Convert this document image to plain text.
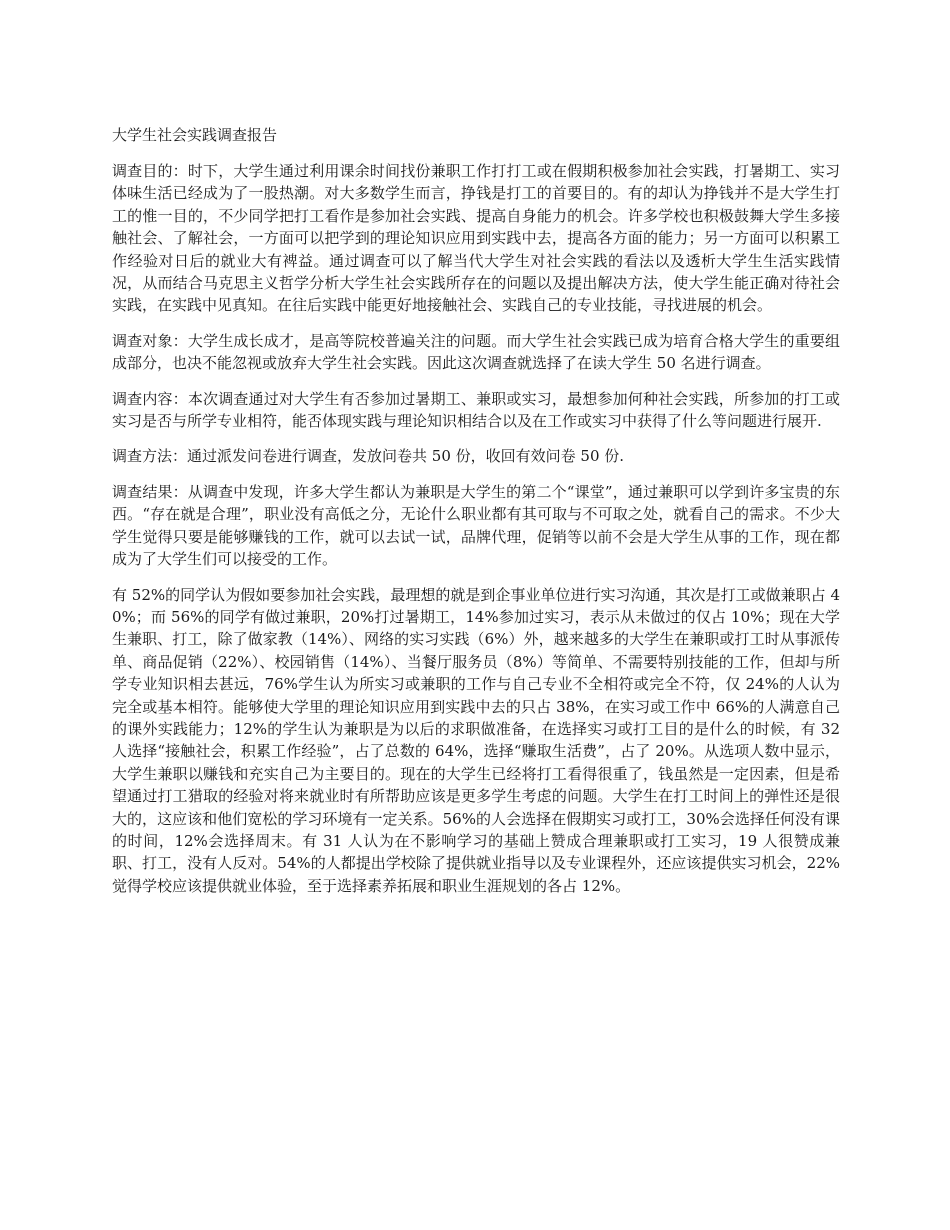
大学生社会实践调查报告

调查目的：时下，大学生通过利用课余时间找份兼职工作打打工或在假期积极参加社会实践，打暑期工、实习体味生活已经成为了一股热潮。对大多数学生而言，挣钱是打工的首要目的。有的却认为挣钱并不是大学生打工的惟一目的，不少同学把打工看作是参加社会实践、提高自身能力的机会。许多学校也积极鼓舞大学生多接触社会、了解社会，一方面可以把学到的理论知识应用到实践中去，提高各方面的能力；另一方面可以积累工作经验对日后的就业大有裨益。通过调查可以了解当代大学生对社会实践的看法以及透析大学生生活实践情况，从而结合马克思主义哲学分析大学生社会实践所存在的问题以及提出解决方法，使大学生能正确对待社会实践，在实践中见真知。在往后实践中能更好地接触社会、实践自己的专业技能，寻找进展的机会。

调查对象：大学生成长成才，是高等院校普遍关注的问题。而大学生社会实践已成为培育合格大学生的重要组成部分，也决不能忽视或放弃大学生社会实践。因此这次调查就选择了在读大学生 50 名进行调查。

调查内容：本次调查通过对大学生有否参加过暑期工、兼职或实习，最想参加何种社会实践，所参加的打工或实习是否与所学专业相符，能否体现实践与理论知识相结合以及在工作或实习中获得了什么等问题进行展开.

调查方法：通过派发问卷进行调查，发放问卷共 50 份，收回有效问卷 50 份.

调查结果：从调查中发现，许多大学生都认为兼职是大学生的第二个“课堂”，通过兼职可以学到许多宝贵的东西。“存在就是合理”，职业没有高低之分，无论什么职业都有其可取与不可取之处，就看自己的需求。不少大学生觉得只要是能够赚钱的工作，就可以去试一试，品牌代理，促销等以前不会是大学生从事的工作，现在都成为了大学生们可以接受的工作。

有 52%的同学认为假如要参加社会实践，最理想的就是到企事业单位进行实习沟通，其次是打工或做兼职占 40%；而 56%的同学有做过兼职，20%打过暑期工，14%参加过实习，表示从未做过的仅占 10%；现在大学生兼职、打工，除了做家教（14%）、网络的实习实践（6%）外，越来越多的大学生在兼职或打工时从事派传单、商品促销（22%）、校园销售（14%）、当餐厅服务员（8%）等简单、不需要特别技能的工作，但却与所学专业知识相去甚远，76%学生认为所实习或兼职的工作与自己专业不全相符或完全不符，仅 24%的人认为完全或基本相符。能够使大学里的理论知识应用到实践中去的只占 38%，在实习或工作中 66%的人满意自己的课外实践能力；12%的学生认为兼职是为以后的求职做准备，在选择实习或打工目的是什么的时候，有 32 人选择“接触社会，积累工作经验”，占了总数的 64%，选择“赚取生活费”，占了 20%。从选项人数中显示，大学生兼职以赚钱和充实自己为主要目的。现在的大学生已经将打工看得很重了，钱虽然是一定因素，但是希望通过打工猎取的经验对将来就业时有所帮助应该是更多学生考虑的问题。大学生在打工时间上的弹性还是很大的，这应该和他们宽松的学习环境有一定关系。56%的人会选择在假期实习或打工，30%会选择任何没有课的时间，12%会选择周末。有 31 人认为在不影响学习的基础上赞成合理兼职或打工实习，19 人很赞成兼职、打工，没有人反对。54%的人都提出学校除了提供就业指导以及专业课程外，还应该提供实习机会，22%觉得学校应该提供就业体验，至于选择素养拓展和职业生涯规划的各占 12%。
